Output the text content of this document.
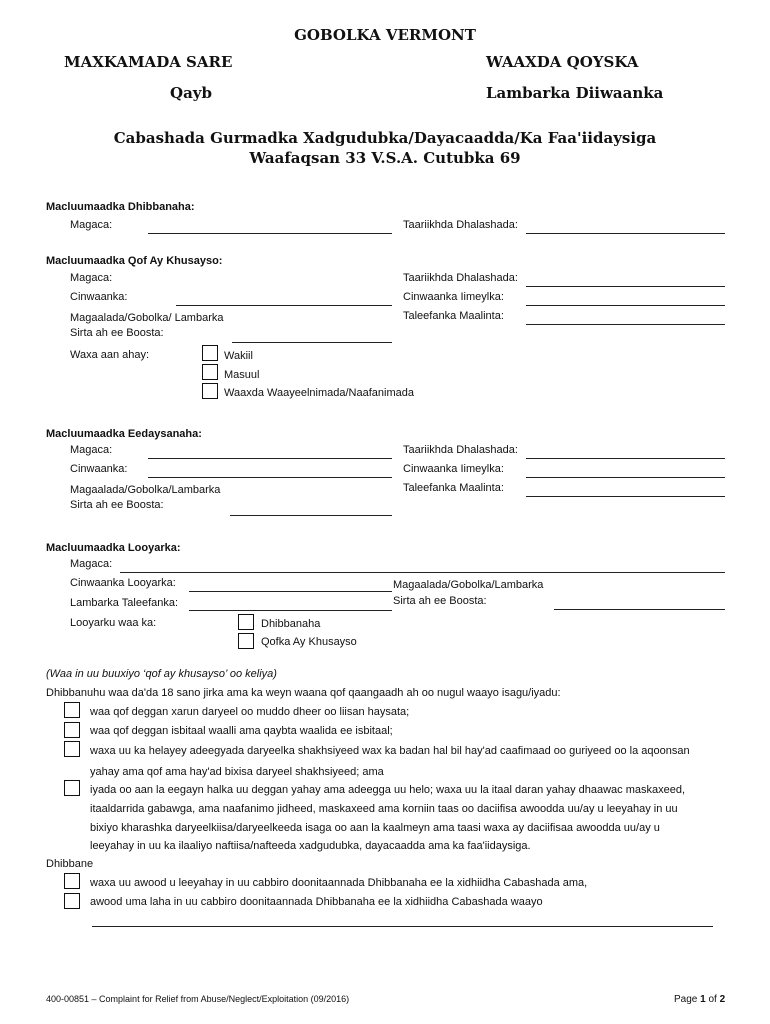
GOBOLKA VERMONT
MAXKAMADA SARE	WAAXDA QOYSKA
Qayb	Lambarka Diiwaanka
Cabashada Gurmadka Xadgudubka/Dayacaadda/Ka Faa'iidaysiga
Waafaqsan 33 V.S.A. Cutubka 69
Macluumaadka Dhibbanaha:
Magaca:	Taariikhda Dhalashada:
Macluumaadka Qof Ay Khusayso:
Magaca:	Taariikhda Dhalashada:
Cinwaanka:	Cinwaanka Iimeylka:
Magaalada/Gobolka/ Lambarka	Taleefanka Maalinta:
Sirta ah ee Boosta:
Waxa aan ahay:	Wakiil
Masuul
Waaxda Waayeelnimada/Naafanimada
Macluumaadka Eedaysanaha:
Magaca:	Taariikhda Dhalashada:
Cinwaanka:	Cinwaanka Iimeylka:
Magaalada/Gobolka/Lambarka	Taleefanka Maalinta:
Sirta ah ee Boosta:
Macluumaadka Looyarka:
Magaca:
Cinwaanka Looyarka:	Magaalada/Gobolka/Lambarka
Sirta ah ee Boosta:
Lambarka Taleefanka:
Looyarku waa ka:	Dhibbanaha
Qofka Ay Khusayso
(Waa in uu buuxiyo ‘qof ay khusayso’ oo keliya)
Dhibbanuhu waa da'da 18 sano jirka ama ka weyn waana qof qaangaadh ah oo nugul waayo isagu/iyadu:
waa qof deggan xarun daryeel oo muddo dheer oo liisan haysata;
waa qof deggan isbitaal waalli ama qaybta waalida ee isbitaal;
waxa uu ka helayey adeegyada daryeelka shakhsiyeed wax ka badan hal bil hay'ad caafimaad oo guriyeed oo la aqoonsan
yahay ama qof ama hay'ad bixisa daryeel shakhsiyeed; ama
iyada oo aan la eegayn halka uu deggan yahay ama adeegga uu helo; waxa uu la itaal daran yahay dhaawac maskaxeed,
itaaldarrida gabawga, ama naafanimo jidheed, maskaxeed ama korniin taas oo daciifisa awoodda uu/ay u leeyahay in uu
bixiyo kharashka daryeelkiisa/daryeelkeeda isaga oo aan la kaalmeyn ama taasi waxa ay daciifisaa awoodda uu/ay u
leeyahay in uu ka ilaaliyo naftiisa/nafteeda xadgudubka, dayacaadda ama ka faa'iidaysiga.
Dhibbane
waxa uu awood u leeyahay in uu cabbiro doonitaannada Dhibbanaha ee la xidhiidha Cabashada ama,
awood uma laha in uu cabbiro doonitaannada Dhibbanaha ee la xidhiidha Cabashada waayo
400-00851 – Complaint for Relief from Abuse/Neglect/Exploitation (09/2016)	Page 1 of 2
